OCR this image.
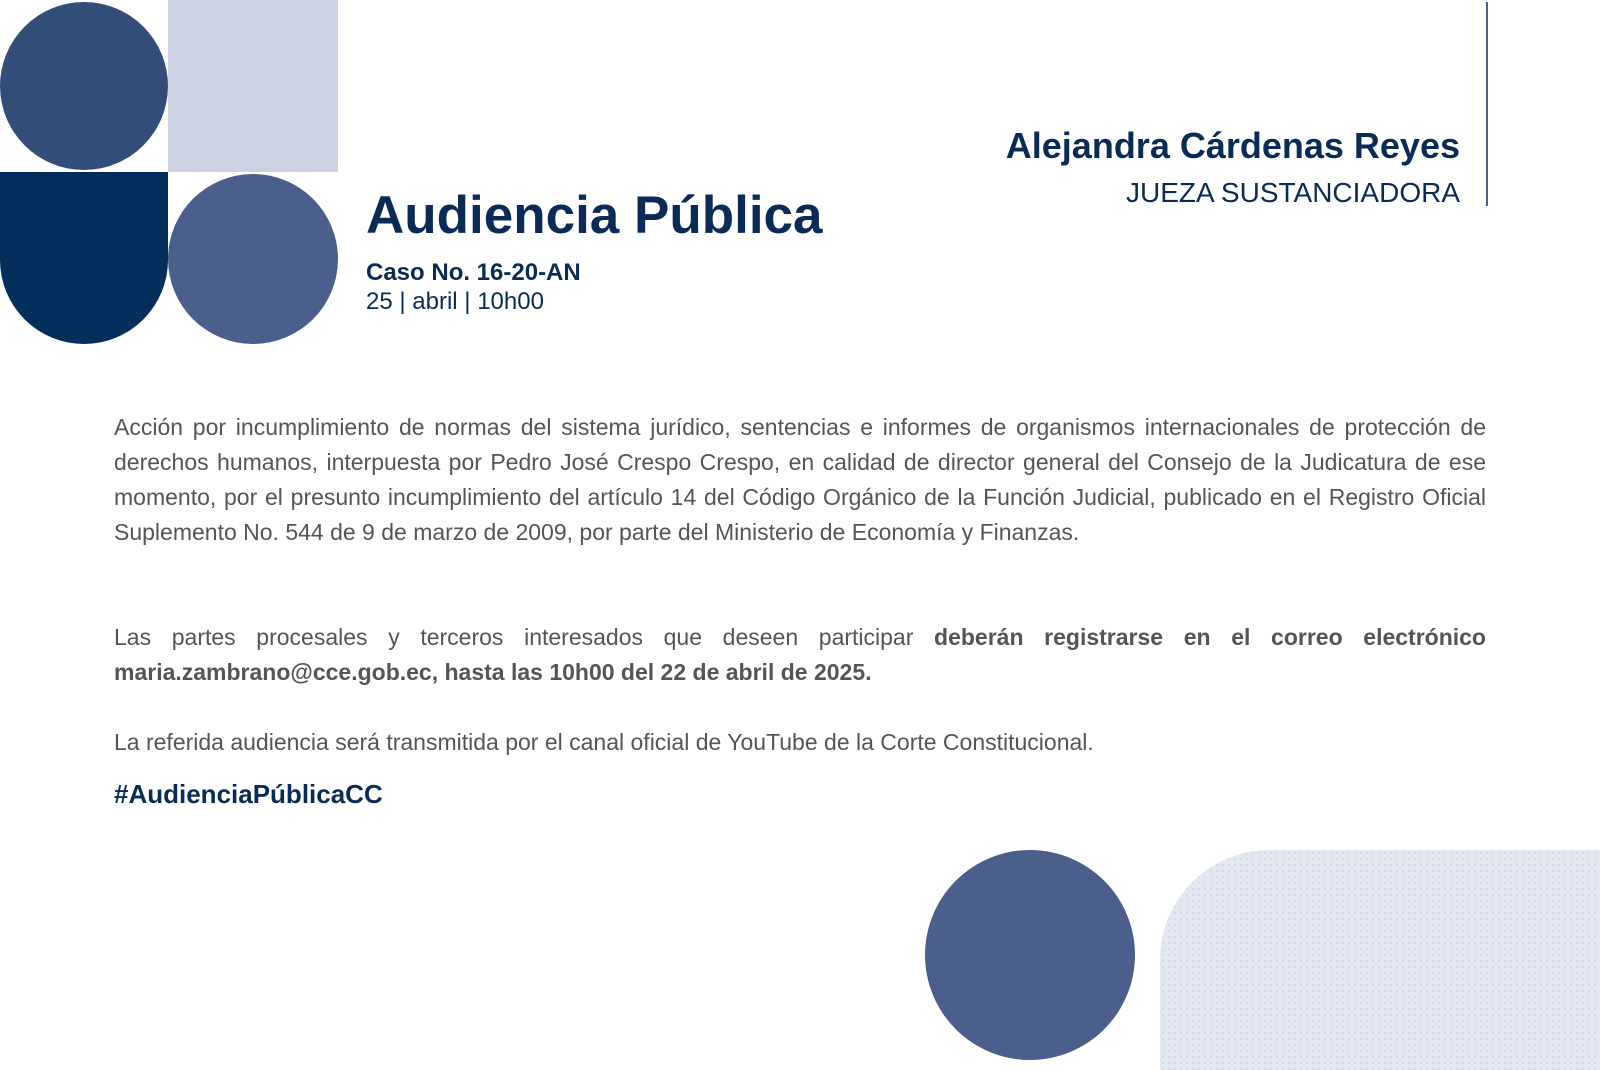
Audiencia Pública
Caso No. 16-20-AN
25 | abril | 10h00
Alejandra Cárdenas Reyes
JUEZA SUSTANCIADORA

Acción por incumplimiento de normas del sistema jurídico, sentencias e informes de organismos internacionales de protección de derechos humanos, interpuesta por Pedro José Crespo Crespo, en calidad de director general del Consejo de la Judicatura de ese momento, por el presunto incumplimiento del artículo 14 del Código Orgánico de la Función Judicial, publicado en el Registro Oficial Suplemento No. 544 de 9 de marzo de 2009, por parte del Ministerio de Economía y Finanzas.

Las partes procesales y terceros interesados que deseen participar deberán registrarse en el correo electrónico maria.zambrano@cce.gob.ec, hasta las 10h00 del 22 de abril de 2025.

La referida audiencia será transmitida por el canal oficial de YouTube de la Corte Constitucional.

#AudienciaPúblicaCC
